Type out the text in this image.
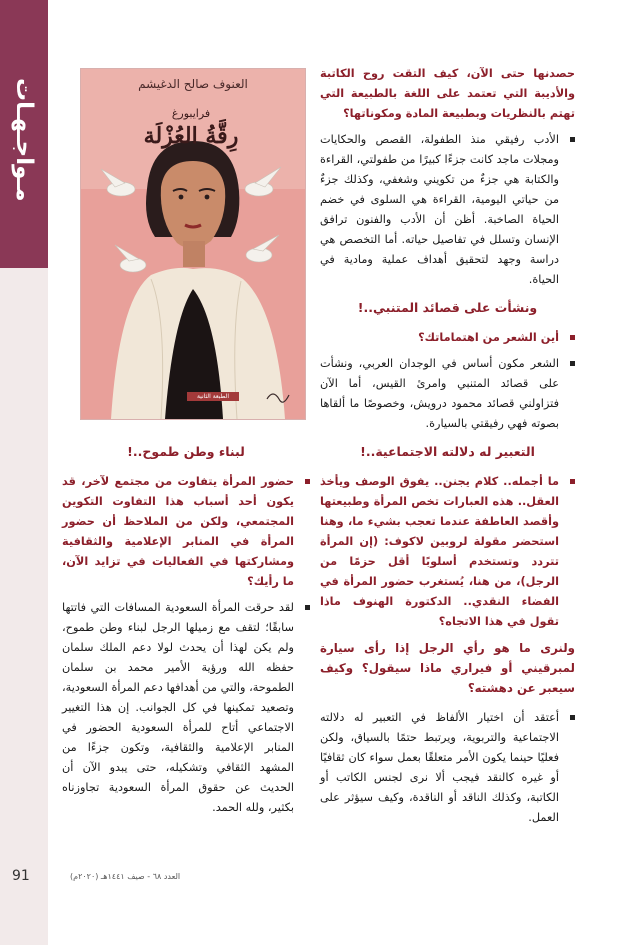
مـواجـهـات	العنوف صالح الدغيشم
فرايبورغ
رِقَّةُ العُزْلَة
الطبعة الثانية

حصدنها حتى الآن، كيف التقت روح الكاتبة والأديبة التي تعتمد على اللغة بالطبيعة التي تهتم بالنظريات وبطبيعة المادة ومكوناتها؟

الأدب رفيقي منذ الطفولة، القصص والحكايات ومجلات ماجد كانت جزءًا كبيرًا من طفولتي، القراءة والكتابة هي جزءٌ من تكويني وشغفي، وكذلك جزءٌ من حياتي اليومية، القراءة هي السلوى في خضم الحياة الصاخبة. أظن أن الأدب والفنون ترافق الإنسان وتسلل في تفاصيل حياته. أما التخصص هي دراسة وجهد لتحقيق أهداف عملية ومادية في الحياة.

ونشأت على قصائد المتنبي..!

أين الشعر من اهتماماتك؟

الشعر مكون أساس في الوجدان العربي، ونشأت على قصائد المتنبي وامرئ القيس، أما الآن فتزاولني قصائد محمود درويش، وخصوصًا ما ألقاها بصوته فهي رفيقتي بالسيارة.

التعبير له دلالته الاجتماعية..!

ما أجمله.. كلام يجنن.. يفوق الوصف ويأخذ العقل.. هذه العبارات تخص المرأة وطبيعتها وأقصد العاطفة عندما تعجب بشيء ما، وهنا استحضر مقولة لروبين لاكوف: (إن المرأة تتردد وتستخدم أسلوبًا أقل حزمًا من الرجل)، من هنا، يُستغرب حضور المرأة في الفضاء النقدي.. الدكتورة الهنوف ماذا تقول في هذا الاتجاه؟

ولنرى ما هو رأي الرجل إذا رأى سيارة لمبرقيني أو فيراري ماذا سيقول؟ وكيف سيعبر عن دهشته؟

أعتقد أن اختيار الألفاظ في التعبير له دلالته الاجتماعية والتربوية، ويرتبط حتمًا بالسياق، ولكن فعليًا حينما يكون الأمر متعلقًا بعمل سواء كان ثقافيًا أو غيره كالنقد فيجب ألا نرى لجنس الكاتب أو الكاتبة، وكذلك الناقد أو الناقدة، وكيف سيؤثر على العمل.

لبناء وطن طموح..!

حضور المرأة يتفاوت من مجتمع لآخر، قد يكون أحد أسباب هذا التفاوت التكوين المجتمعي، ولكن من الملاحظ أن حضور المرأة في المنابر الإعلامية والثقافية ومشاركتها في الفعاليات في تزايد الآن، ما رأيك؟

لقد حرقت المرأة السعودية المسافات التي فاتتها سابقًا؛ لتقف مع زميلها الرجل لبناء وطن طموح، ولم يكن لهذا أن يحدث لولا دعم الملك سلمان حفظه الله ورؤية الأمير محمد بن سلمان الطموحة، والتي من أهدافها دعم المرأة السعودية، وتصعيد تمكينها في كل الجوانب. إن هذا التغيير الاجتماعي أتاح للمرأة السعودية الحضور في المنابر الإعلامية والثقافية، وتكون جزءًا من المشهد الثقافي وتشكيله، حتى يبدو الآن أن الحديث عن حقوق المرأة السعودية تجاوزناه بكثير، ولله الحمد.

91	العدد ٦٨ - صيف ١٤٤١هـ (٢٠٢٠م)
